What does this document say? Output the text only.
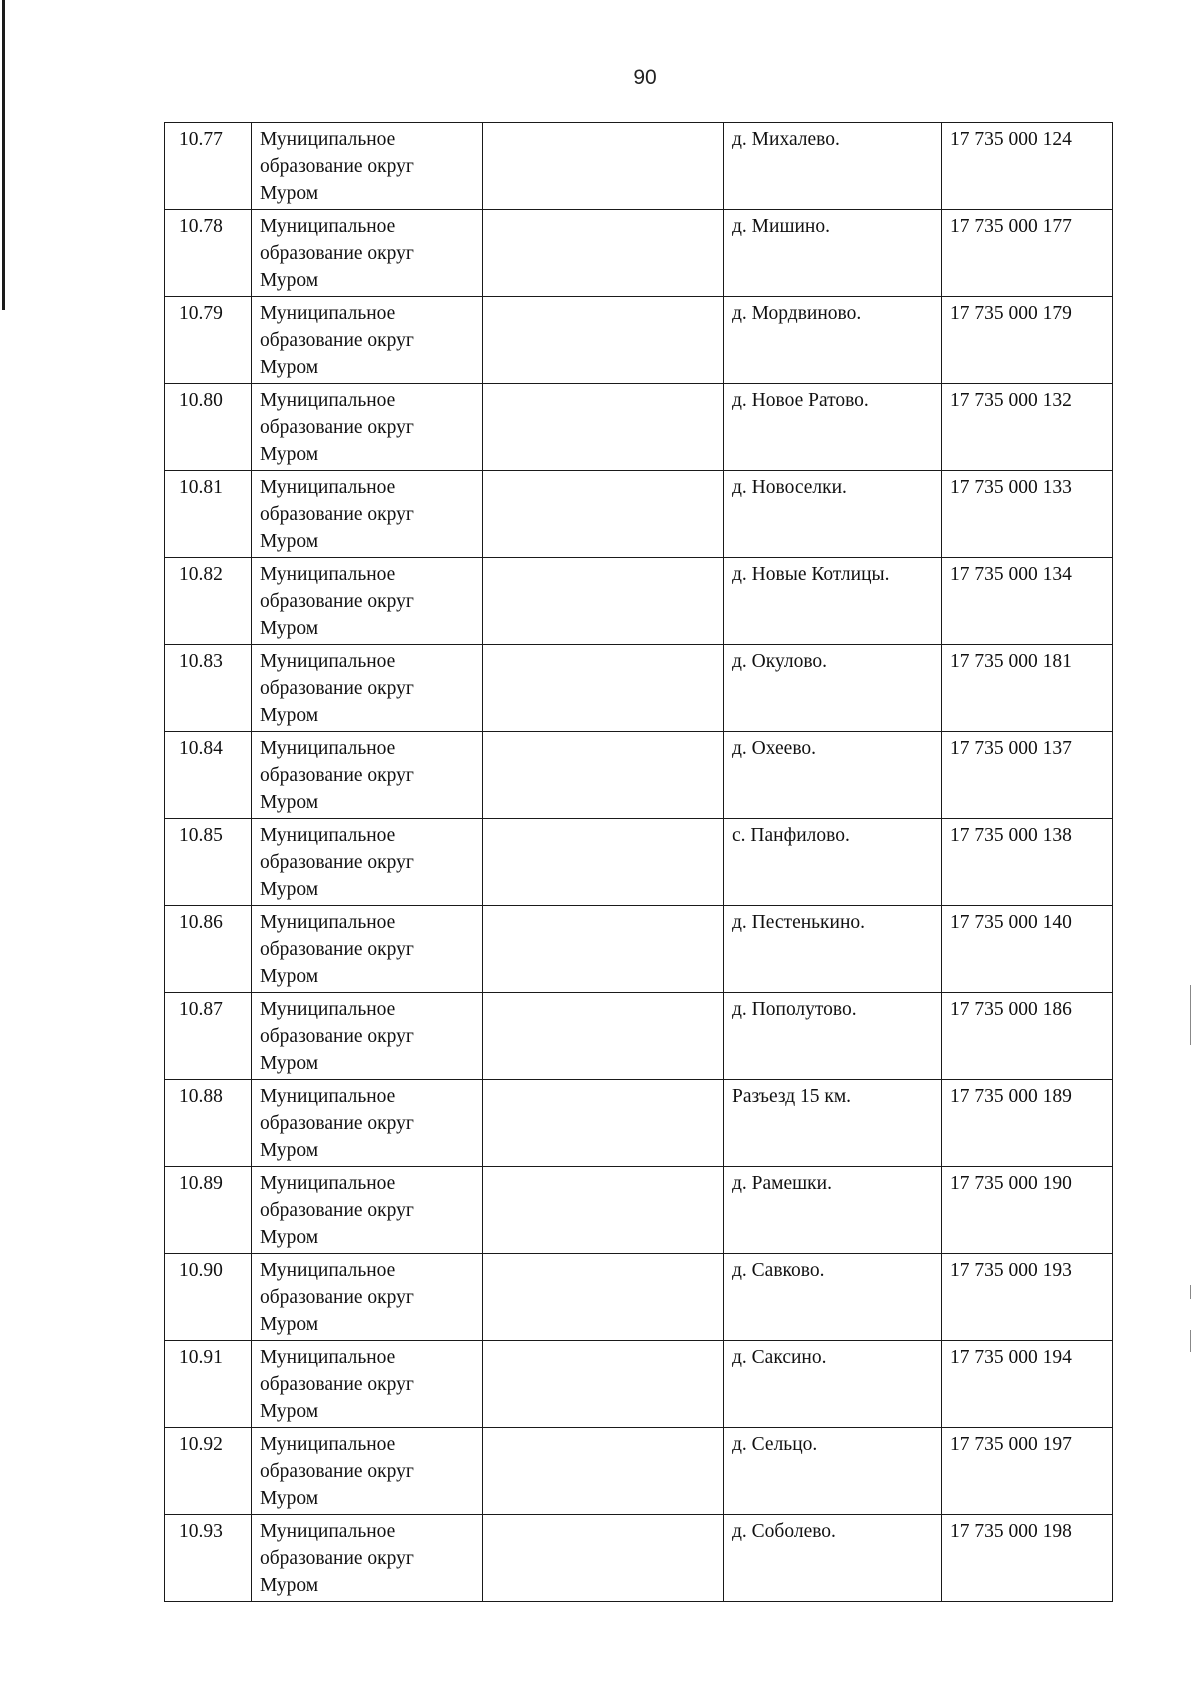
90
10.77	Муниципальное
образование округ
Муром		д. Михалево.	17 735 000 124
10.78	Муниципальное
образование округ
Муром		д. Мишино.	17 735 000 177
10.79	Муниципальное
образование округ
Муром		д. Мордвиново.	17 735 000 179
10.80	Муниципальное
образование округ
Муром		д. Новое Ратово.	17 735 000 132
10.81	Муниципальное
образование округ
Муром		д. Новоселки.	17 735 000 133
10.82	Муниципальное
образование округ
Муром		д. Новые Котлицы.	17 735 000 134
10.83	Муниципальное
образование округ
Муром		д. Окулово.	17 735 000 181
10.84	Муниципальное
образование округ
Муром		д. Охеево.	17 735 000 137
10.85	Муниципальное
образование округ
Муром		с. Панфилово.	17 735 000 138
10.86	Муниципальное
образование округ
Муром		д. Пестенькино.	17 735 000 140
10.87	Муниципальное
образование округ
Муром		д. Пополутово.	17 735 000 186
10.88	Муниципальное
образование округ
Муром		Разъезд 15 км.	17 735 000 189
10.89	Муниципальное
образование округ
Муром		д. Рамешки.	17 735 000 190
10.90	Муниципальное
образование округ
Муром		д. Савково.	17 735 000 193
10.91	Муниципальное
образование округ
Муром		д. Саксино.	17 735 000 194
10.92	Муниципальное
образование округ
Муром		д. Сельцо.	17 735 000 197
10.93	Муниципальное
образование округ
Муром		д. Соболево.	17 735 000 198
